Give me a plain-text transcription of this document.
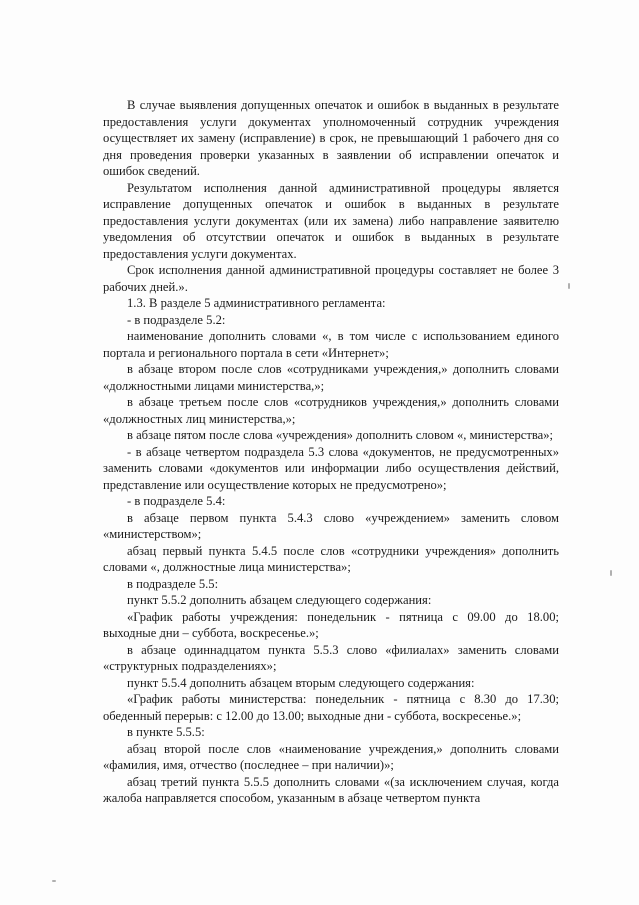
В случае выявления допущенных опечаток и ошибок в выданных в результате предоставления услуги документах уполномоченный сотрудник учреждения осуществляет их замену (исправление) в срок, не превышающий 1 рабочего дня со дня проведения проверки указанных в заявлении об исправлении опечаток и ошибок сведений.

Результатом исполнения данной административной процедуры является исправление допущенных опечаток и ошибок в выданных в результате предоставления услуги документах (или их замена) либо направление заявителю уведомления об отсутствии опечаток и ошибок в выданных в результате предоставления услуги документах.

Срок исполнения данной административной процедуры составляет не более 3 рабочих дней.».

1.3. В разделе 5 административного регламента:

- в подразделе 5.2:

наименование дополнить словами «, в том числе с использованием единого портала и регионального портала в сети «Интернет»;

в абзаце втором после слов «сотрудниками учреждения,» дополнить словами «должностными лицами министерства,»;

в абзаце третьем после слов «сотрудников учреждения,» дополнить словами «должностных лиц министерства,»;

в абзаце пятом после слова «учреждения» дополнить словом «, министерства»;

- в абзаце четвертом подраздела 5.3 слова «документов, не предусмотренных» заменить словами «документов или информации либо осуществления действий, представление или осуществление которых не предусмотрено»;

- в подразделе 5.4:

в абзаце первом пункта 5.4.3 слово «учреждением» заменить словом «министерством»;

абзац первый пункта 5.4.5 после слов «сотрудники учреждения» дополнить словами «, должностные лица министерства»;

в подразделе 5.5:

пункт 5.5.2 дополнить абзацем следующего содержания:

«График работы учреждения: понедельник - пятница с 09.00 до 18.00; выходные дни – суббота, воскресенье.»;

в абзаце одиннадцатом пункта 5.5.3 слово «филиалах» заменить словами «структурных подразделениях»;

пункт 5.5.4 дополнить абзацем вторым следующего содержания:

«График работы министерства: понедельник - пятница с 8.30 до 17.30; обеденный перерыв: с 12.00 до 13.00; выходные дни - суббота, воскресенье.»;

в пункте 5.5.5:

абзац второй после слов «наименование учреждения,» дополнить словами «фамилия, имя, отчество (последнее – при наличии)»;

абзац третий пункта 5.5.5 дополнить словами «(за исключением случая, когда жалоба направляется способом, указанным в абзаце четвертом пункта
